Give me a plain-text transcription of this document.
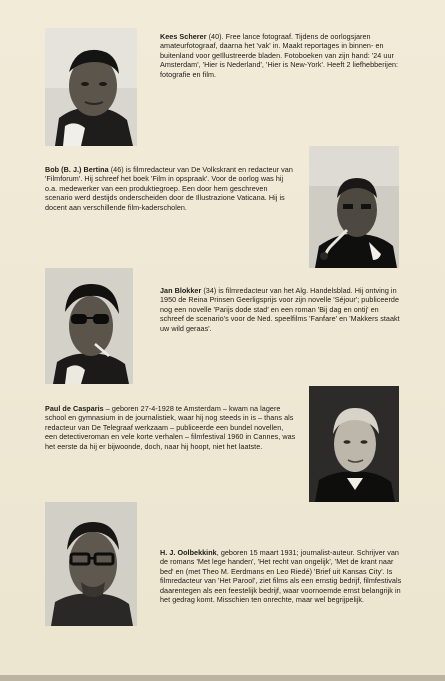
Kees Scherer (40). Free lance fotograaf. Tijdens de oorlogsjaren amateurfotograaf, daarna het 'vak' in. Maakt reportages in binnen- en buitenland voor geïllustreerde bladen. Fotoboeken van zijn hand: '24 uur Amsterdam', 'Hier is Nederland', 'Hier is New-York'. Heeft 2 liefhebberijen: fotografie en film.

Bob (B. J.) Bertina (46) is filmredacteur van De Volkskrant en redacteur van 'Filmforum'. Hij schreef het boek 'Film in opspraak'. Voor de oorlog was hij o.a. medewerker van een produktiegroep. Een door hem geschreven scenario werd destijds onderscheiden door de Illustrazione Vaticana. Hij is docent aan verschillende film-kaderscholen.

Jan Blokker (34) is filmredacteur van het Alg. Handelsblad. Hij ontving in 1950 de Reina Prinsen Geerligsprijs voor zijn novelle 'Séjour'; publiceerde nog een novelle 'Parijs dode stad' en een roman 'Bij dag en ontij' en schreef de scenario's voor de Ned. speelfilms 'Fanfare' en 'Makkers staakt uw wild geraas'.

Paul de Casparis – geboren 27-4-1928 te Amsterdam – kwam na lagere school en gymnasium in de journalistiek, waar hij nog steeds in is – thans als redacteur van De Telegraaf werkzaam – publiceerde een bundel novellen, een detectiveroman en vele korte verhalen – filmfestival 1960 in Cannes, was het eerste da hij er bijwoonde, doch, naar hij hoopt, niet het laatste.

H. J. Oolbekkink, geboren 15 maart 1931; journalist-auteur. Schrijver van de romans 'Met lege handen', 'Het recht van ongelijk', 'Met de krant naar bed' en (met Theo M. Eerdmans en Leo Riedé) 'Brief uit Kansas City'. Is filmredacteur van 'Het Parool', ziet films als een ernstig bedrijf, filmfestivals daarentegen als een feestelijk bedrijf, waar voornoemde ernst belangrijk in het gedrag komt. Misschien ten onrechte, maar wel begrijpelijk.
